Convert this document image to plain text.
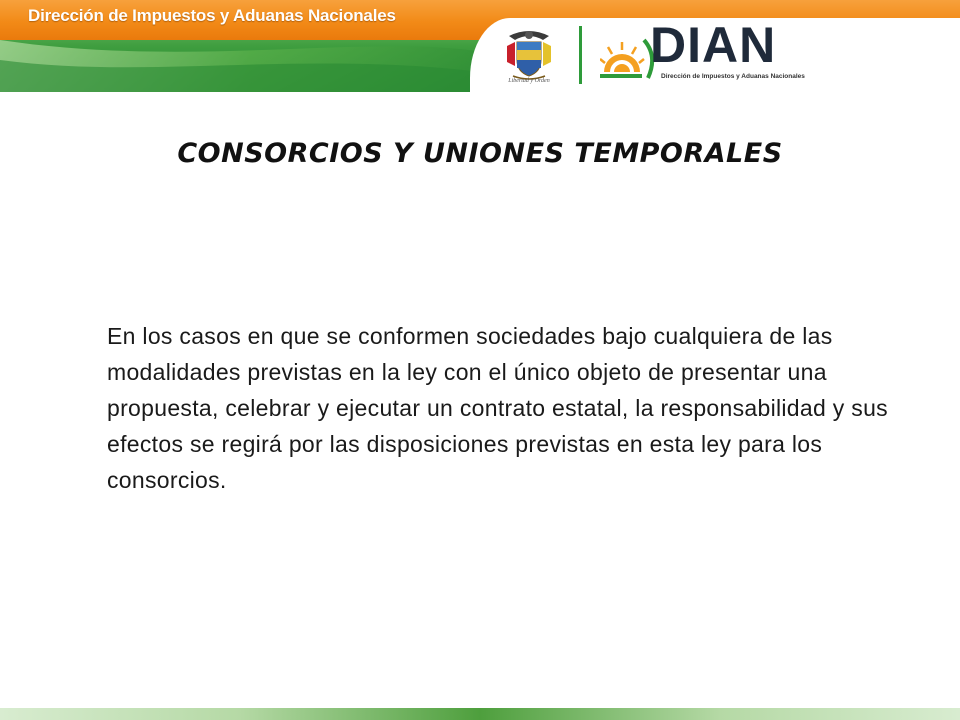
Dirección de Impuestos y Aduanas Nacionales
Libertad y Orden
DIAN
Dirección de Impuestos y Aduanas Nacionales
CONSORCIOS Y UNIONES TEMPORALES
En los casos en que se conformen sociedades bajo cualquiera de las modalidades previstas en la ley con el único objeto de presentar una propuesta, celebrar y ejecutar un contrato estatal, la responsabilidad y sus efectos se regirá por las disposiciones previstas en esta ley para los consorcios.
